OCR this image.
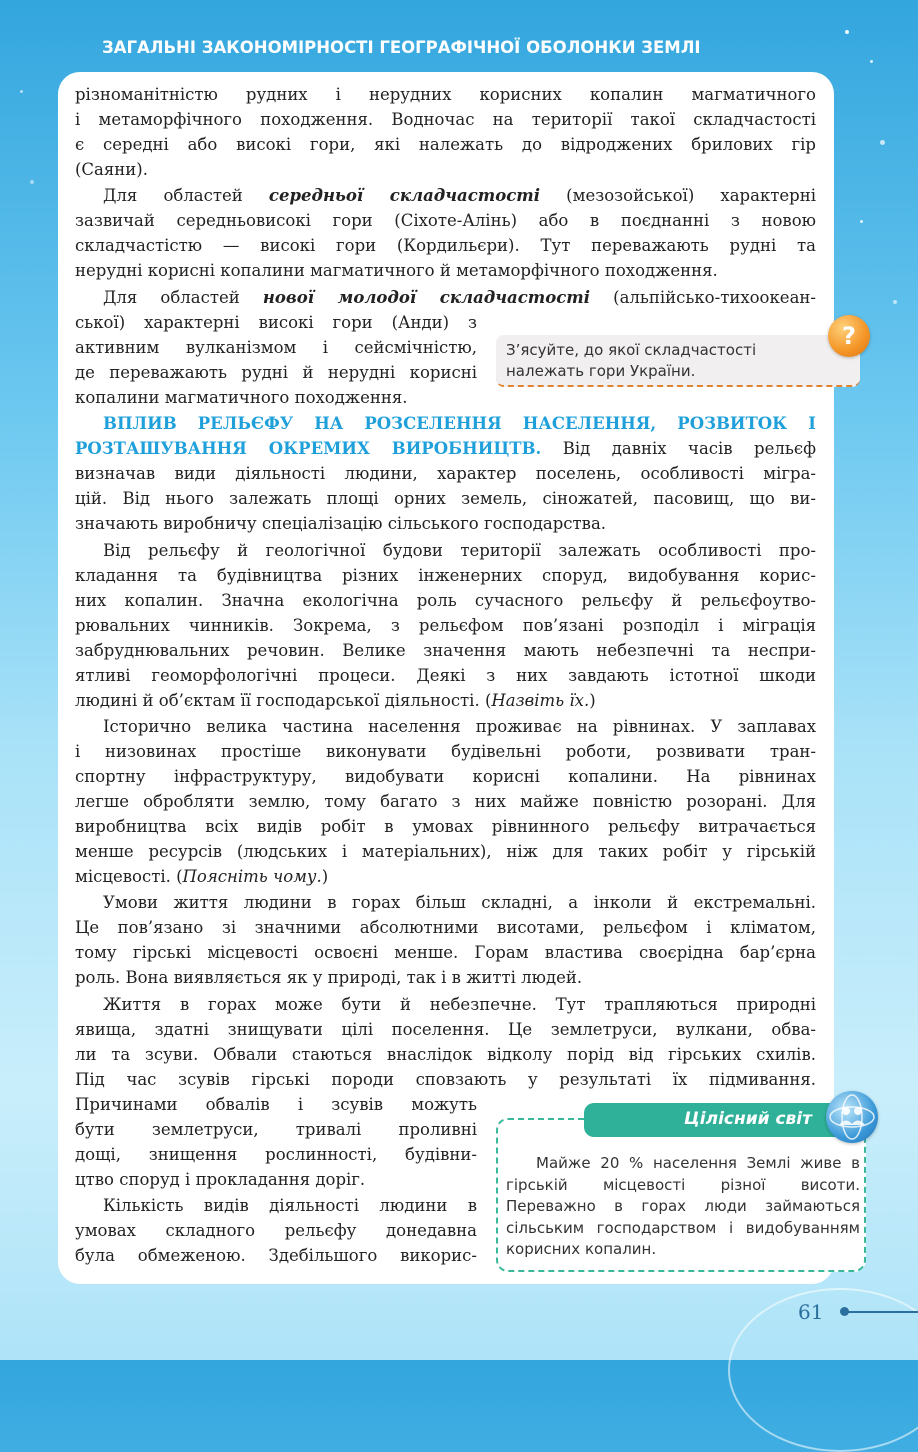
ЗАГАЛЬНІ ЗАКОНОМІРНОСТІ ГЕОГРАФІЧНОЇ ОБОЛОНКИ ЗЕМЛІ
різноманітністю рудних і нерудних корисних копалин магматичного
і метаморфічного походження. Водночас на території такої складчастості
є середні або високі гори, які належать до відроджених брилових гір
(Саяни).
Для областей середньої складчастості (мезозойської) характерні
зазвичай середньовисокі гори (Сіхоте-Алінь) або в поєднанні з новою
складчастістю — високі гори (Кордильєри). Тут переважають рудні та
нерудні корисні копалини магматичного й метаморфічного походження.
Для областей нової молодої складчастості (альпійсько-тихоокеан-
ської) характерні високі гори (Анди) з
активним вулканізмом і сейсмічністю,
де переважають рудні й нерудні корисні
копалини магматичного походження.
З’ясуйте, до якої складчастості
належать гори України.
?
ВПЛИВ РЕЛЬЄФУ НА РОЗСЕЛЕННЯ НАСЕЛЕННЯ, РОЗВИТОК І
РОЗТАШУВАННЯ ОКРЕМИХ ВИРОБНИЦТВ. Від давніх часів рельєф
визначав види діяльності людини, характер поселень, особливості мігра-
цій. Від нього залежать площі орних земель, сіножатей, пасовищ, що ви-
значають виробничу спеціалізацію сільського господарства.
Від рельєфу й геологічної будови території залежать особливості про-
кладання та будівництва різних інженерних споруд, видобування корис-
них копалин. Значна екологічна роль сучасного рельєфу й рельєфоутво-
рювальних чинників. Зокрема, з рельєфом пов’язані розподіл і міграція
забруднювальних речовин. Велике значення мають небезпечні та неспри-
ятливі геоморфологічні процеси. Деякі з них завдають істотної шкоди
людині й об’єктам її господарської діяльності. (Назвіть їх.)
Історично велика частина населення проживає на рівнинах. У заплавах
і низовинах простіше виконувати будівельні роботи, розвивати тран-
спортну інфраструктуру, видобувати корисні копалини. На рівнинах
легше обробляти землю, тому багато з них майже повністю розорані. Для
виробництва всіх видів робіт в умовах рівнинного рельєфу витрачається
менше ресурсів (людських і матеріальних), ніж для таких робіт у гірській
місцевості. (Поясніть чому.)
Умови життя людини в горах більш складні, а інколи й екстремальні.
Це пов’язано зі значними абсолютними висотами, рельєфом і кліматом,
тому гірські місцевості освоєні менше. Горам властива своєрідна бар’єрна
роль. Вона виявляється як у природі, так і в житті людей.
Життя в горах може бути й небезпечне. Тут трапляються природні
явища, здатні знищувати цілі поселення. Це землетруси, вулкани, обва-
ли та зсуви. Обвали стаються внаслідок відколу порід від гірських схилів.
Під час зсувів гірські породи сповзають у результаті їх підмивання.
Причинами обвалів і зсувів можуть
бути землетруси, тривалі проливні
дощі, знищення рослинності, будівни-
цтво споруд і прокладання доріг.
Кількість видів діяльності людини в
умовах складного рельєфу донедавна
була обмеженою. Здебільшого викорис-
Цілісний світ
Майже 20 % населення Землі живе в гірській місцевості різної висоти. Переважно в горах люди займаються сільським господарством і видобуванням корисних копалин.
61
